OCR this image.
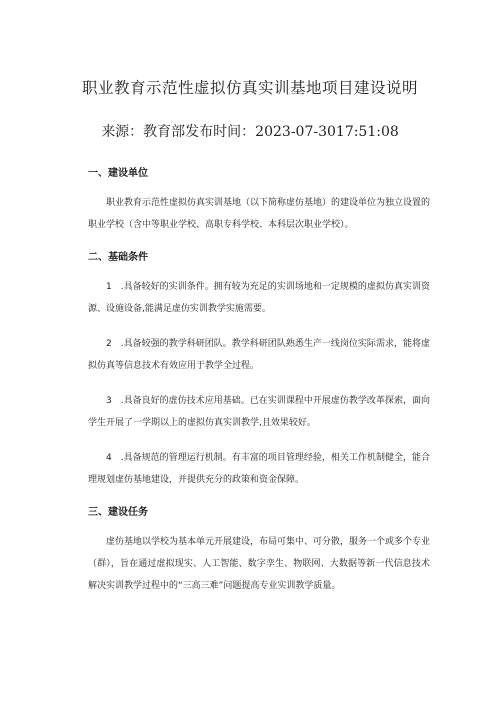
职业教育示范性虚拟仿真实训基地项目建设说明
来源：教育部发布时间：2023-07-3017:51:08

一、建设单位

职业教育示范性虚拟仿真实训基地（以下简称虚仿基地）的建设单位为独立设置的职业学校（含中等职业学校、高职专科学校、本科层次职业学校）。

二、基础条件

1　.具备较好的实训条件。拥有较为充足的实训场地和一定规模的虚拟仿真实训资源、设施设备,能满足虚仿实训教学实施需要。

2　.具备较强的教学科研团队。教学科研团队熟悉生产一线岗位实际需求，能将虚拟仿真等信息技术有效应用于教学全过程。

3　.具备良好的虚仿技术应用基础。已在实训课程中开展虚仿教学改革探索，面向学生开展了一学期以上的虚拟仿真实训教学,且效果较好。

4　.具备规范的管理运行机制。有丰富的项目管理经验，相关工作机制健全，能合理规划虚仿基地建设，并提供充分的政策和资金保障。

三、建设任务

虚仿基地以学校为基本单元开展建设，布局可集中、可分散，服务一个或多个专业（群），旨在通过虚拟现实、人工智能、数字孪生、物联网、大数据等新一代信息技术解决实训教学过程中的“三高三难”问题提高专业实训教学质量。
